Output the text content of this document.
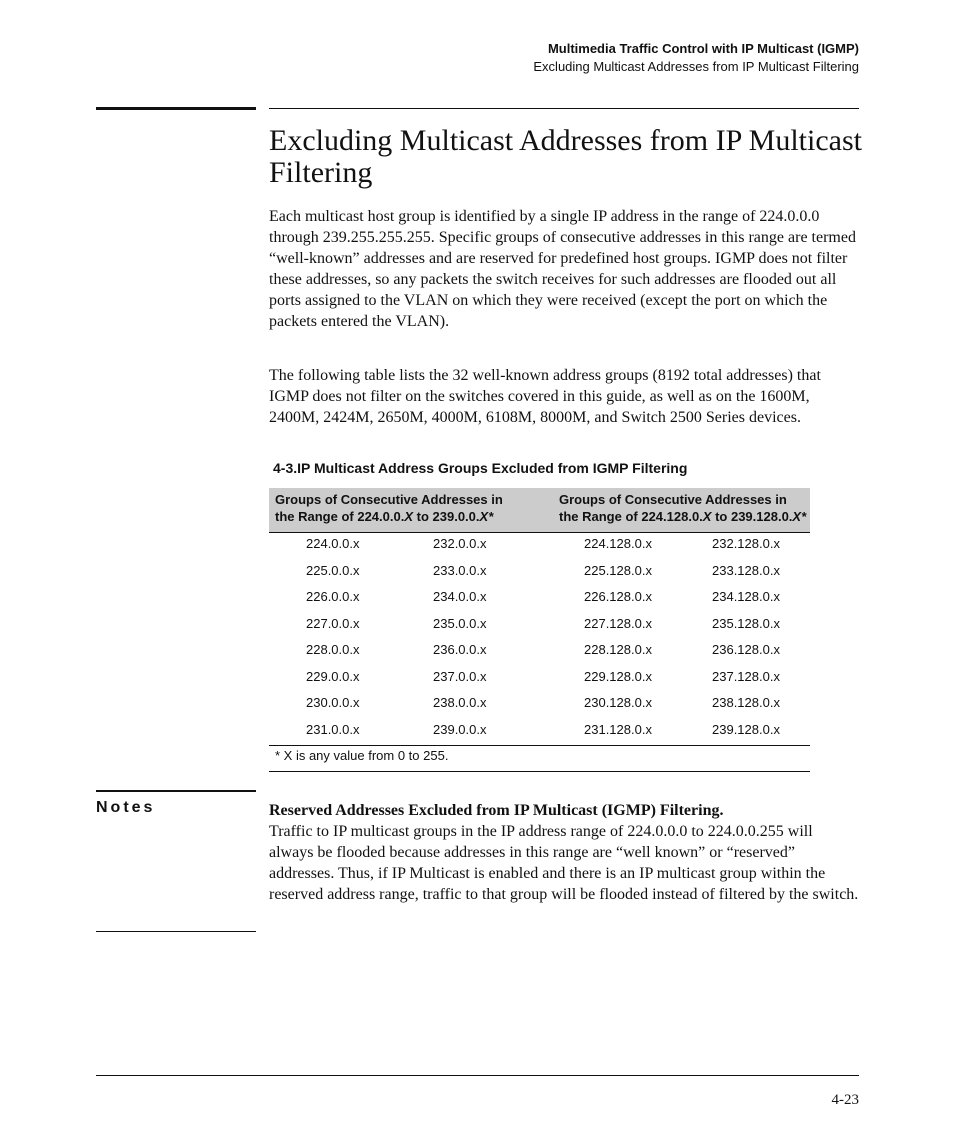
Multimedia Traffic Control with IP Multicast (IGMP)
Excluding Multicast Addresses from IP Multicast Filtering
Excluding Multicast Addresses from IP Multicast Filtering

Each multicast host group is identified by a single IP address in the range of 224.0.0.0 through 239.255.255.255. Specific groups of consecutive addresses in this range are termed “well-known” addresses and are reserved for predefined host groups. IGMP does not filter these addresses, so any packets the switch receives for such addresses are flooded out all ports assigned to the VLAN on which they were received (except the port on which the packets entered the VLAN).

The following table lists the 32 well-known address groups (8192 total addresses) that IGMP does not filter on the switches covered in this guide, as well as on the 1600M, 2400M, 2424M, 2650M, 4000M, 6108M, 8000M, and Switch 2500 Series devices.

4-3.IP Multicast Address Groups Excluded from IGMP Filtering
Groups of Consecutive Addresses in
the Range of 224.0.0.X to 239.0.0.X*
Groups of Consecutive Addresses in
the Range of 224.128.0.X to 239.128.0.X*
224.0.0.x	232.0.0.x	224.128.0.x	232.128.0.x
225.0.0.x	233.0.0.x	225.128.0.x	233.128.0.x
226.0.0.x	234.0.0.x	226.128.0.x	234.128.0.x
227.0.0.x	235.0.0.x	227.128.0.x	235.128.0.x
228.0.0.x	236.0.0.x	228.128.0.x	236.128.0.x
229.0.0.x	237.0.0.x	229.128.0.x	237.128.0.x
230.0.0.x	238.0.0.x	230.128.0.x	238.128.0.x
231.0.0.x	239.0.0.x	231.128.0.x	239.128.0.x
* X is any value from 0 to 255.
Notes	Reserved Addresses Excluded from IP Multicast (IGMP) Filtering.
Traffic to IP multicast groups in the IP address range of 224.0.0.0 to 224.0.0.255 will always be flooded because addresses in this range are “well known” or “reserved” addresses. Thus, if IP Multicast is enabled and there is an IP multicast group within the reserved address range, traffic to that group will be flooded instead of filtered by the switch.

4-23
